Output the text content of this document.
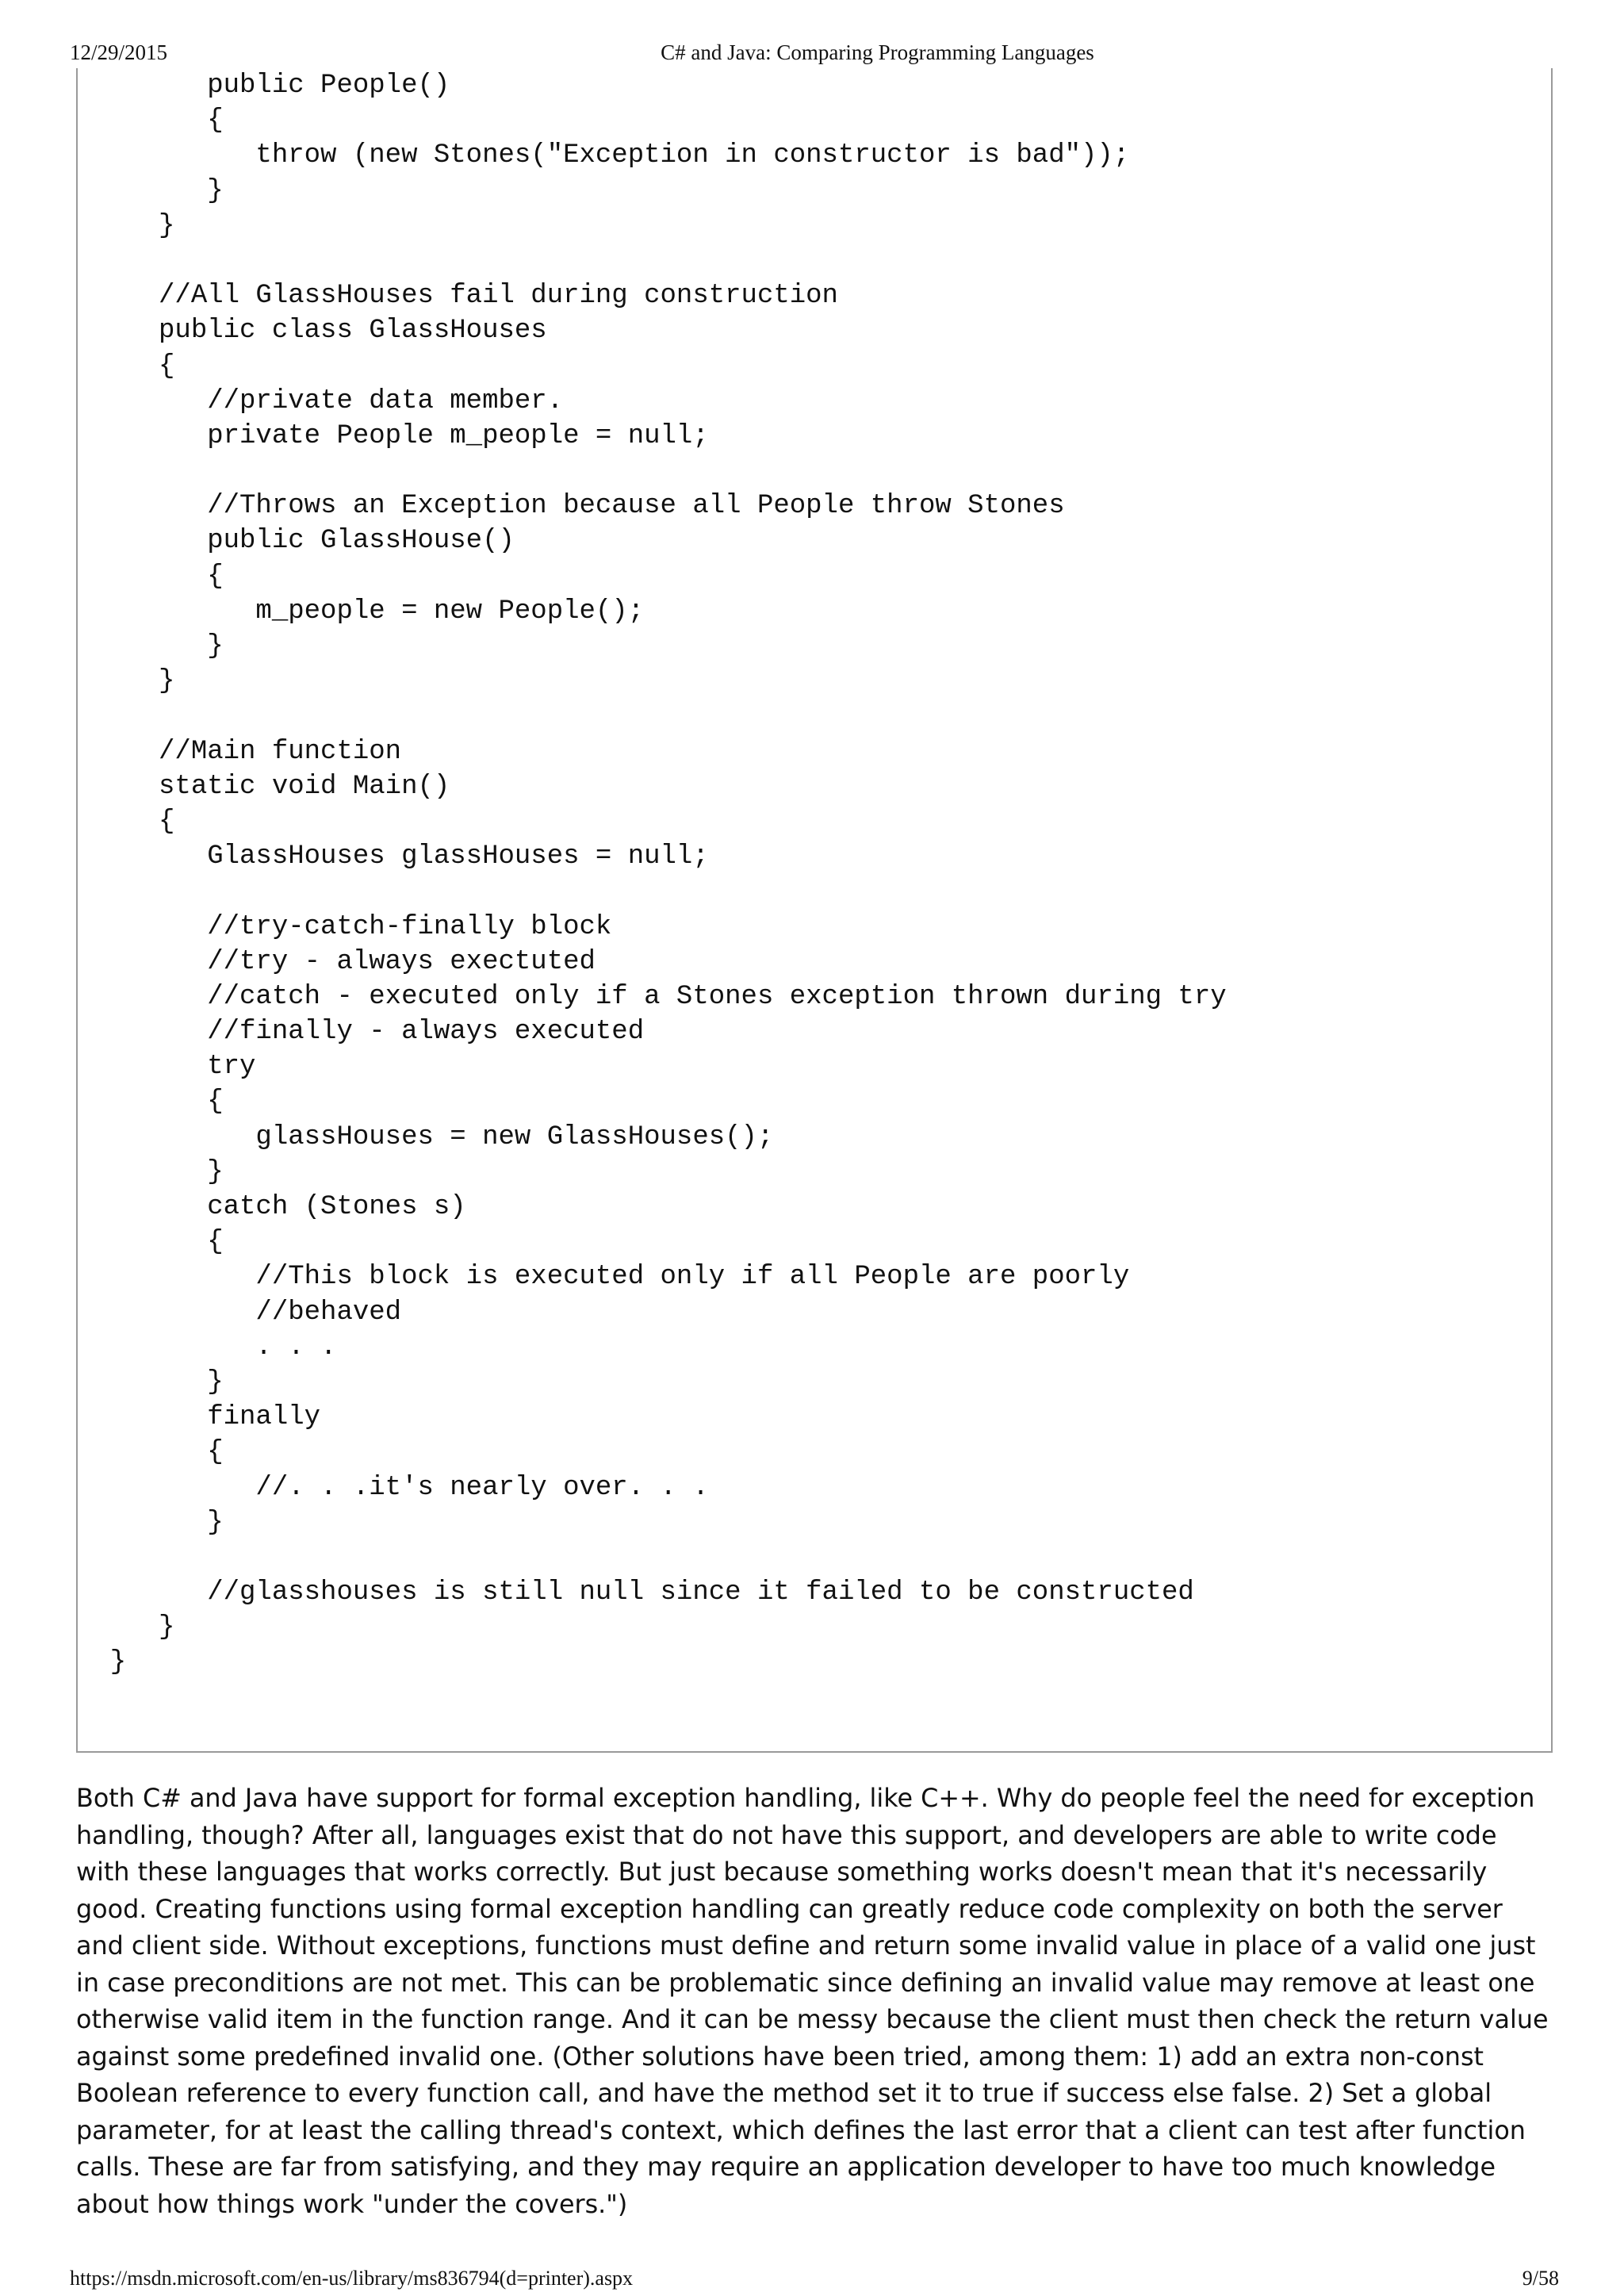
12/29/2015	C# and Java: Comparing Programming Languages
public People()
{
throw (new Stones("Exception in constructor is bad"));
}
}
//All GlassHouses fail during construction
public class GlassHouses
{
//private data member.
private People m_people = null;
//Throws an Exception because all People throw Stones
public GlassHouse()
{
m_people = new People();
}
}
//Main function
static void Main()
{
GlassHouses glassHouses = null;
//try-catch-finally block
//try - always exectuted
//catch - executed only if a Stones exception thrown during try
//finally - always executed
try
{
glassHouses = new GlassHouses();
}
catch (Stones s)
{
//This block is executed only if all People are poorly
//behaved
. . .
}
finally
{
//. . .it's nearly over. . .
}
//glasshouses is still null since it failed to be constructed
}
}

Both C# and Java have support for formal exception handling, like C++. Why do people feel the need for exception handling, though? After all, languages exist that do not have this support, and developers are able to write code with these languages that works correctly. But just because something works doesn't mean that it's necessarily good. Creating functions using formal exception handling can greatly reduce code complexity on both the server and client side. Without exceptions, functions must define and return some invalid value in place of a valid one just in case preconditions are not met. This can be problematic since defining an invalid value may remove at least one otherwise valid item in the function range. And it can be messy because the client must then check the return value against some predefined invalid one. (Other solutions have been tried, among them: 1) add an extra non-const Boolean reference to every function call, and have the method set it to true if success else false. 2) Set a global parameter, for at least the calling thread's context, which defines the last error that a client can test after function calls. These are far from satisfying, and they may require an application developer to have too much knowledge about how things work "under the covers.")

https://msdn.microsoft.com/en-us/library/ms836794(d=printer).aspx	9/58
